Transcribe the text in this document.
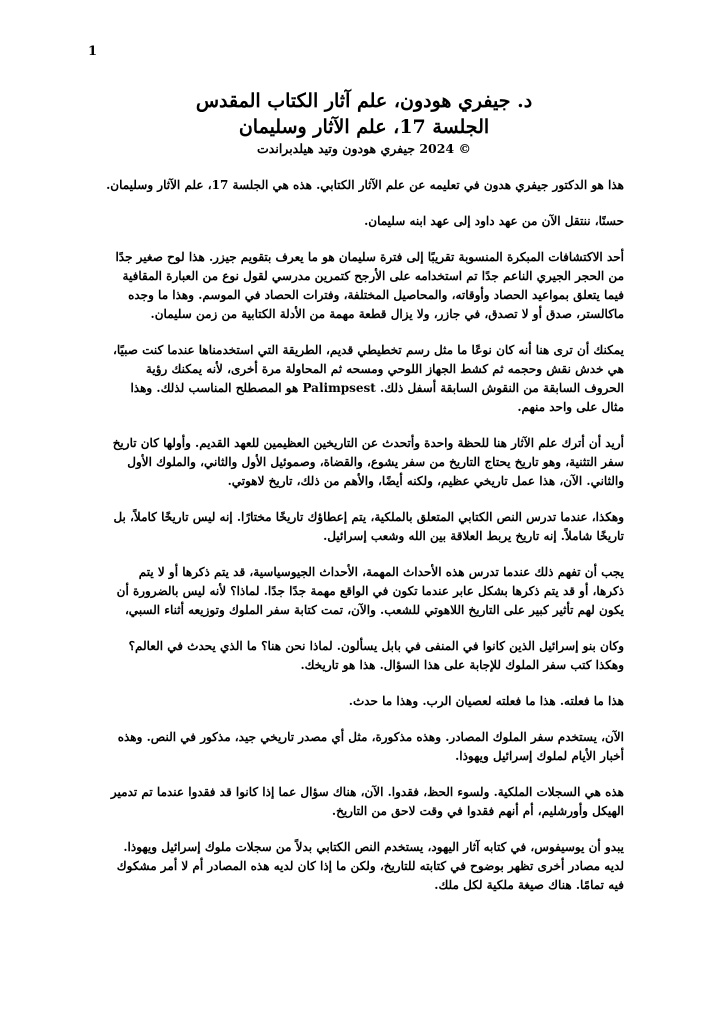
1
د. جيفري هودون، علم آثار الكتاب المقدس
الجلسة 17، علم الآثار وسليمان
© 2024 جيفري هودون وتيد هيلدبراندت

هذا هو الدكتور جيفري هدون في تعليمه عن علم الآثار الكتابي. هذه هي الجلسة 17، علم الآثار وسليمان.

حسنًا، ننتقل الآن من عهد داود إلى عهد ابنه سليمان.

أحد الاكتشافات المبكرة المنسوبة تقريبًا إلى فترة سليمان هو ما يعرف بتقويم جيزر. هذا لوح صغير جدًا من الحجر الجيري الناعم جدًا تم استخدامه على الأرجح كتمرين مدرسي لقول نوع من العبارة المقافية فيما يتعلق بمواعيد الحصاد وأوقاته، والمحاصيل المختلفة، وفترات الحصاد في الموسم. وهذا ما وجده ماكالستر، صدق أو لا تصدق، في جازر، ولا يزال قطعة مهمة من الأدلة الكتابية من زمن سليمان.

يمكنك أن ترى هنا أنه كان نوعًا ما مثل رسم تخطيطي قديم، الطريقة التي استخدمناها عندما كنت صبيًا، هي خدش نقش وحجمه ثم كشط الجهاز اللوحي ومسحه ثم المحاولة مرة أخرى، لأنه يمكنك رؤية الحروف السابقة من النقوش السابقة أسفل ذلك. Palimpsest هو المصطلح المناسب لذلك. وهذا مثال على واحد منهم.

أريد أن أترك علم الآثار هنا للحظة واحدة وأتحدث عن التاريخين العظيمين للعهد القديم. وأولها كان تاريخ سفر التثنية، وهو تاريخ يحتاج التاريخ من سفر يشوع، والقضاة، وصموئيل الأول والثاني، والملوك الأول والثاني. الآن، هذا عمل تاريخي عظيم، ولكنه أيضًا، والأهم من ذلك، تاريخ لاهوتي.

وهكذا، عندما تدرس النص الكتابي المتعلق بالملكية، يتم إعطاؤك تاريخًا مختارًا. إنه ليس تاريخًا كاملاً، بل تاريخًا شاملاً. إنه تاريخ يربط العلاقة بين الله وشعب إسرائيل.

يجب أن تفهم ذلك عندما تدرس هذه الأحداث المهمة، الأحداث الجيوسياسية، قد يتم ذكرها أو لا يتم ذكرها، أو قد يتم ذكرها بشكل عابر عندما تكون في الواقع مهمة جدًا جدًا. لماذا؟ لأنه ليس بالضرورة أن يكون لهم تأثير كبير على التاريخ اللاهوتي للشعب. والآن، تمت كتابة سفر الملوك وتوزيعه أثناء السبي،

وكان بنو إسرائيل الذين كانوا في المنفى في بابل يسألون. لماذا نحن هنا؟ ما الذي يحدث في العالم؟ وهكذا كتب سفر الملوك للإجابة على هذا السؤال. هذا هو تاريخك.

هذا ما فعلته. هذا ما فعلته لعصيان الرب. وهذا ما حدث.

الآن، يستخدم سفر الملوك المصادر. وهذه مذكورة، مثل أي مصدر تاريخي جيد، مذكور في النص. وهذه أخبار الأيام لملوك إسرائيل ويهوذا.

هذه هي السجلات الملكية. ولسوء الحظ، فقدوا. الآن، هناك سؤال عما إذا كانوا قد فقدوا عندما تم تدمير الهيكل وأورشليم، أم أنهم فقدوا في وقت لاحق من التاريخ.

يبدو أن يوسيفوس، في كتابه آثار اليهود، يستخدم النص الكتابي بدلاً من سجلات ملوك إسرائيل ويهوذا. لديه مصادر أخرى تظهر بوضوح في كتابته للتاريخ، ولكن ما إذا كان لديه هذه المصادر أم لا أمر مشكوك فيه تمامًا. هناك صيغة ملكية لكل ملك.
